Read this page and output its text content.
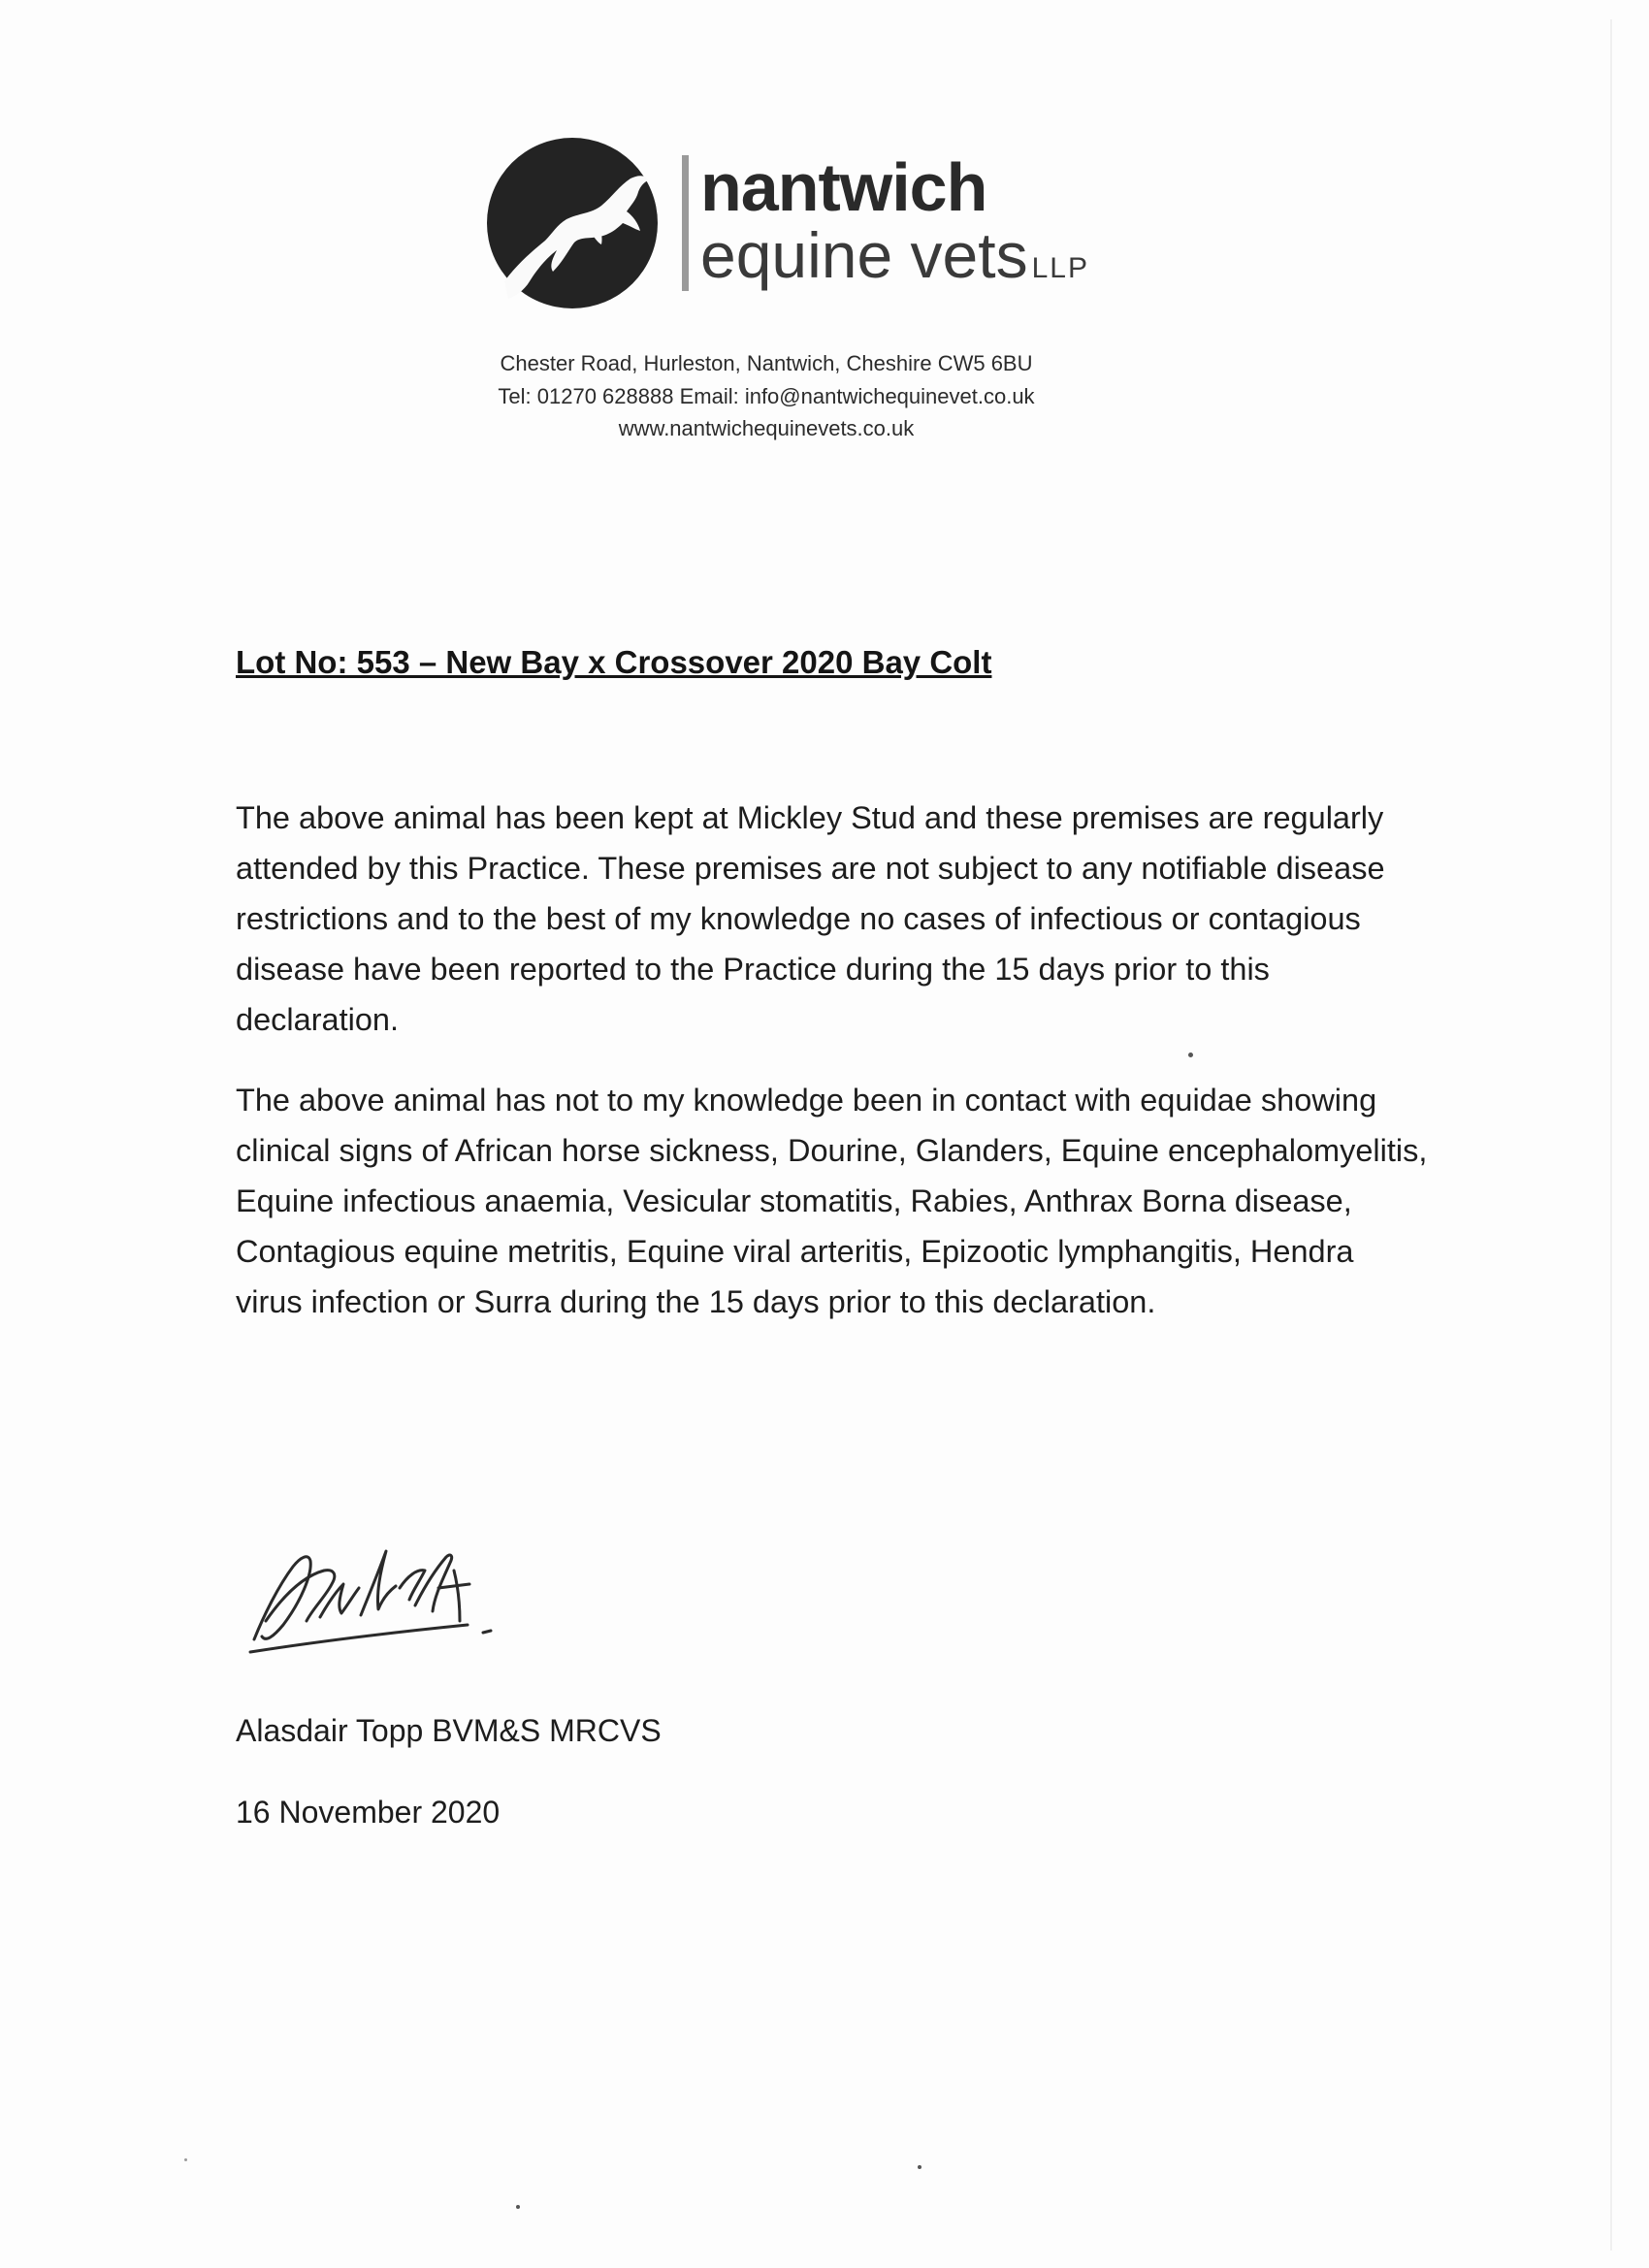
nantwich
equine vets LLP
Chester Road, Hurleston, Nantwich, Cheshire CW5 6BU
Tel: 01270 628888 Email: info@nantwichequinevet.co.uk
www.nantwichequinevets.co.uk
Lot No: 553 – New Bay x Crossover 2020 Bay Colt
The above animal has been kept at Mickley Stud and these premises are regularly attended by this Practice. These premises are not subject to any notifiable disease restrictions and to the best of my knowledge no cases of infectious or contagious disease have been reported to the Practice during the 15 days prior to this declaration.
The above animal has not to my knowledge been in contact with equidae showing clinical signs of African horse sickness, Dourine, Glanders, Equine encephalomyelitis, Equine infectious anaemia, Vesicular stomatitis, Rabies, Anthrax Borna disease, Contagious equine metritis, Equine viral arteritis, Epizootic lymphangitis, Hendra virus infection or Surra during the 15 days prior to this declaration.
Alasdair Topp BVM&S MRCVS
16 November 2020
